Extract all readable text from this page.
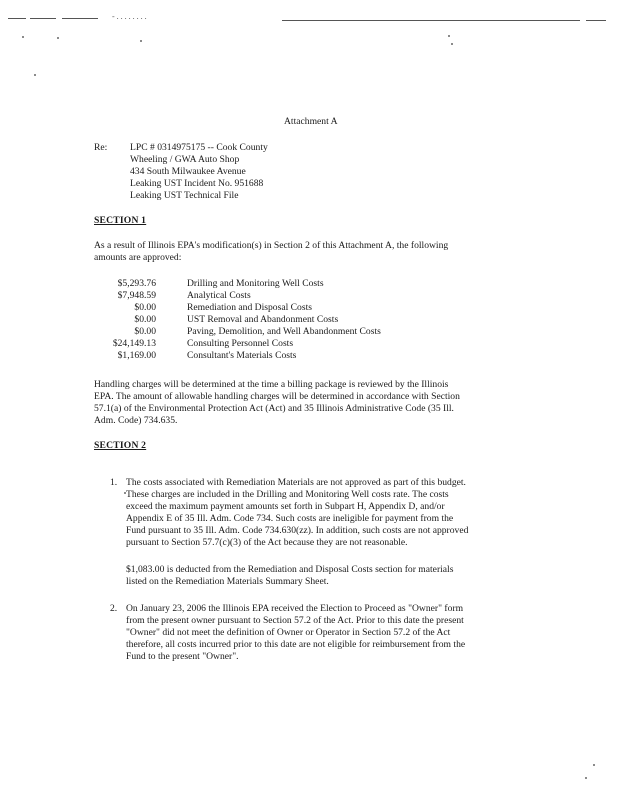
- . . . . . . . .
Attachment A
Re: LPC # 0314975175 -- Cook County
Wheeling / GWA Auto Shop
434 South Milwaukee Avenue
Leaking UST Incident No. 951688
Leaking UST Technical File
SECTION 1
As a result of Illinois EPA's modification(s) in Section 2 of this Attachment A, the following
amounts are approved:
$5,293.76	Drilling and Monitoring Well Costs
$7,948.59	Analytical Costs
$0.00	Remediation and Disposal Costs
$0.00	UST Removal and Abandonment Costs
$0.00	Paving, Demolition, and Well Abandonment Costs
$24,149.13	Consulting Personnel Costs
$1,169.00	Consultant's Materials Costs
Handling charges will be determined at the time a billing package is reviewed by the Illinois
EPA. The amount of allowable handling charges will be determined in accordance with Section
57.1(a) of the Environmental Protection Act (Act) and 35 Illinois Administrative Code (35 Ill.
Adm. Code) 734.635.
SECTION 2
1. The costs associated with Remediation Materials are not approved as part of this budget.
These charges are included in the Drilling and Monitoring Well costs rate. The costs
exceed the maximum payment amounts set forth in Subpart H, Appendix D, and/or
Appendix E of 35 Ill. Adm. Code 734. Such costs are ineligible for payment from the
Fund pursuant to 35 Ill. Adm. Code 734.630(zz). In addition, such costs are not approved
pursuant to Section 57.7(c)(3) of the Act because they are not reasonable.
$1,083.00 is deducted from the Remediation and Disposal Costs section for materials
listed on the Remediation Materials Summary Sheet.
2. On January 23, 2006 the Illinois EPA received the Election to Proceed as "Owner" form
from the present owner pursuant to Section 57.2 of the Act. Prior to this date the present
"Owner" did not meet the definition of Owner or Operator in Section 57.2 of the Act
therefore, all costs incurred prior to this date are not eligible for reimbursement from the
Fund to the present "Owner".
